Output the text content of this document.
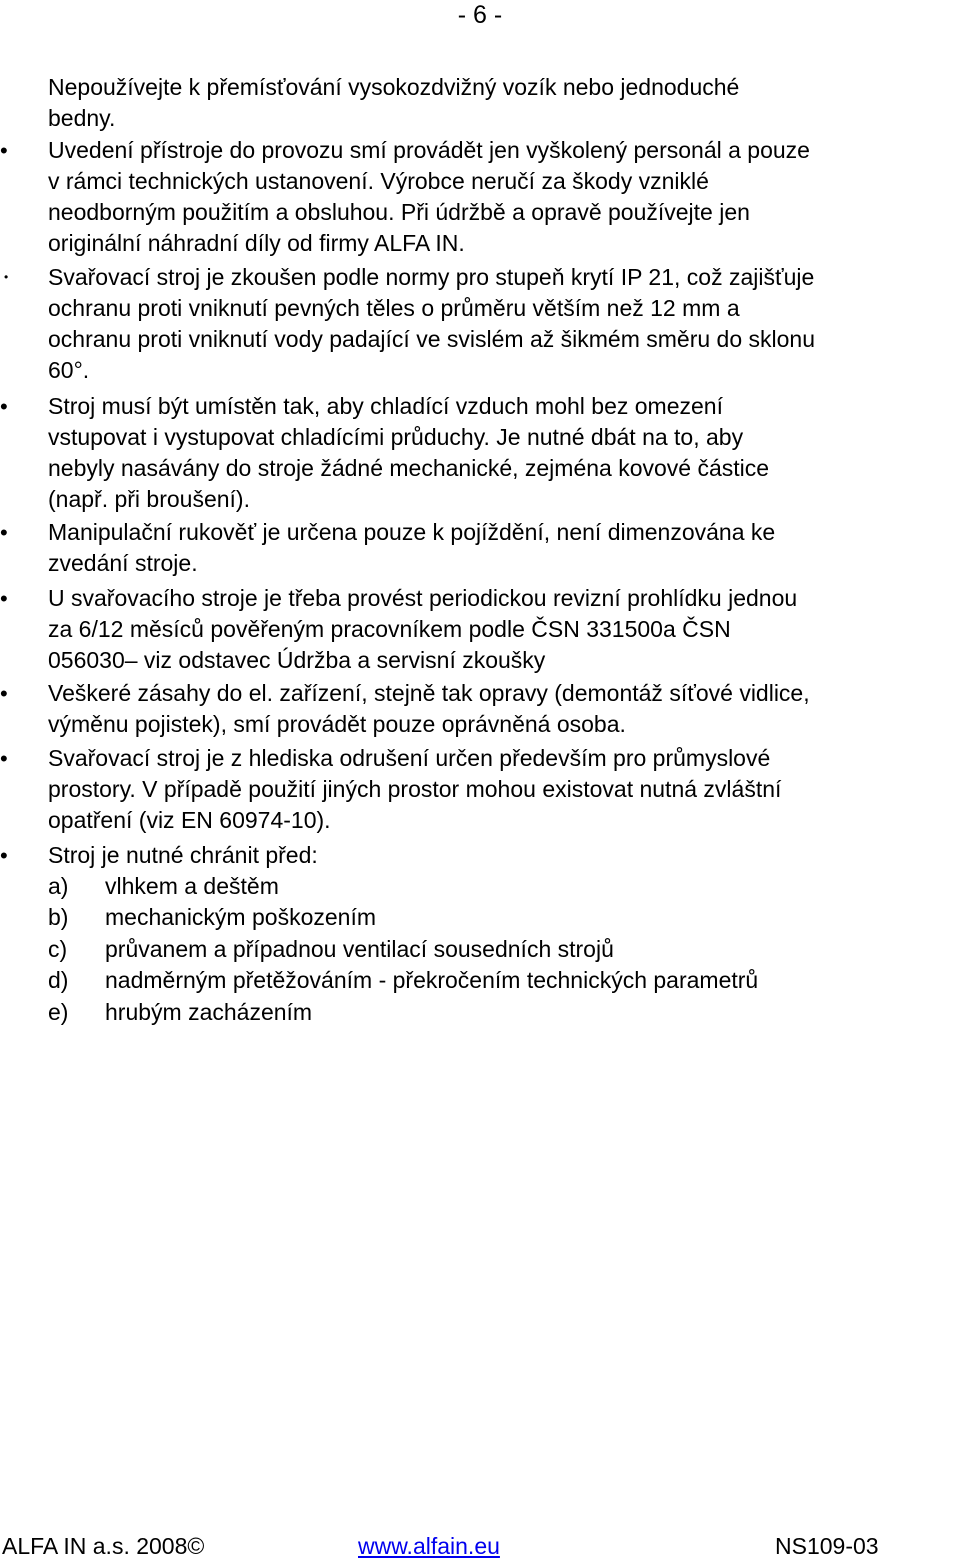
- 6 -
Nepoužívejte k přemísťování vysokozdvižný vozík nebo jednoduché
bedny.
• Uvedení přístroje do provozu smí provádět jen vyškolený personál a pouze
v rámci technických ustanovení. Výrobce neručí za škody vzniklé
neodborným použitím a obsluhou. Při údržbě a opravě používejte jen
originální náhradní díly od firmy ALFA IN.
• Svařovací stroj je zkoušen podle normy pro stupeň krytí IP 21, což zajišťuje
ochranu proti vniknutí pevných těles o průměru větším než 12 mm a
ochranu proti vniknutí vody padající ve svislém až šikmém směru do sklonu
60°.
• Stroj musí být umístěn tak, aby chladící vzduch mohl bez omezení
vstupovat i vystupovat chladícími průduchy. Je nutné dbát na to, aby
nebyly nasávány do stroje žádné mechanické, zejména kovové částice
(např. při broušení).
• Manipulační rukověť je určena pouze k pojíždění, není dimenzována ke
zvedání stroje.
• U svařovacího stroje je třeba provést periodickou revizní prohlídku jednou
za 6/12 měsíců pověřeným pracovníkem podle ČSN 331500a ČSN
056030– viz odstavec Údržba a servisní zkoušky
• Veškeré zásahy do el. zařízení, stejně tak opravy (demontáž síťové vidlice,
výměnu pojistek), smí provádět pouze oprávněná osoba.
• Svařovací stroj je z hlediska odrušení určen především pro průmyslové
prostory. V případě použití jiných prostor mohou existovat nutná zvláštní
opatření (viz EN 60974-10).
• Stroj je nutné chránit před:
a) vlhkem a deštěm
b) mechanickým poškozením
c) průvanem a případnou ventilací sousedních strojů
d) nadměrným přetěžováním - překročením technických parametrů
e) hrubým zacházením
ALFA IN a.s. 2008©	www.alfain.eu	NS109-03
